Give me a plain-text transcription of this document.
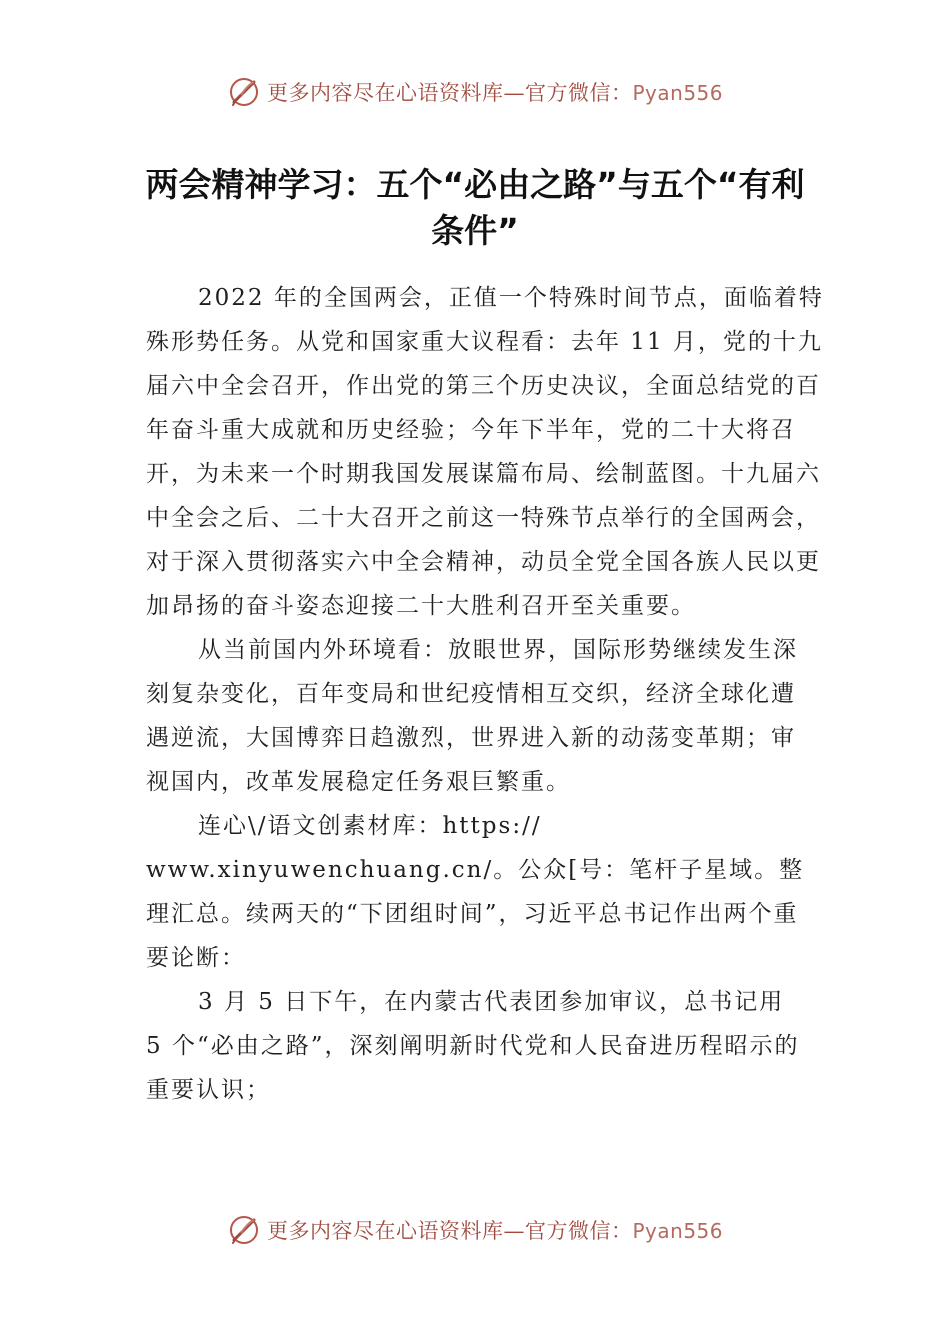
更多内容尽在心语资料库—官方微信：Pyan556
两会精神学习：五个“必由之路”与五个“有利条件”

2022 年的全国两会，正值一个特殊时间节点，面临着特殊形势任务。从党和国家重大议程看：去年 11 月，党的十九届六中全会召开，作出党的第三个历史决议，全面总结党的百年奋斗重大成就和历史经验；今年下半年，党的二十大将召开，为未来一个时期我国发展谋篇布局、绘制蓝图。十九届六中全会之后、二十大召开之前这一特殊节点举行的全国两会，对于深入贯彻落实六中全会精神，动员全党全国各族人民以更加昂扬的奋斗姿态迎接二十大胜利召开至关重要。

从当前国内外环境看：放眼世界，国际形势继续发生深刻复杂变化，百年变局和世纪疫情相互交织，经济全球化遭遇逆流，大国博弈日趋激烈，世界进入新的动荡变革期；审视国内，改革发展稳定任务艰巨繁重。

连心\/语文创素材库：https:// www.xinyuwenchuang.cn/。公众[号：笔杆子星域。整理汇总。续两天的“下团组时间”，习近平总书记作出两个重要论断：

3 月 5 日下午，在内蒙古代表团参加审议，总书记用 5 个“必由之路”，深刻阐明新时代党和人民奋进历程昭示的重要认识；

更多内容尽在心语资料库—官方微信：Pyan556
